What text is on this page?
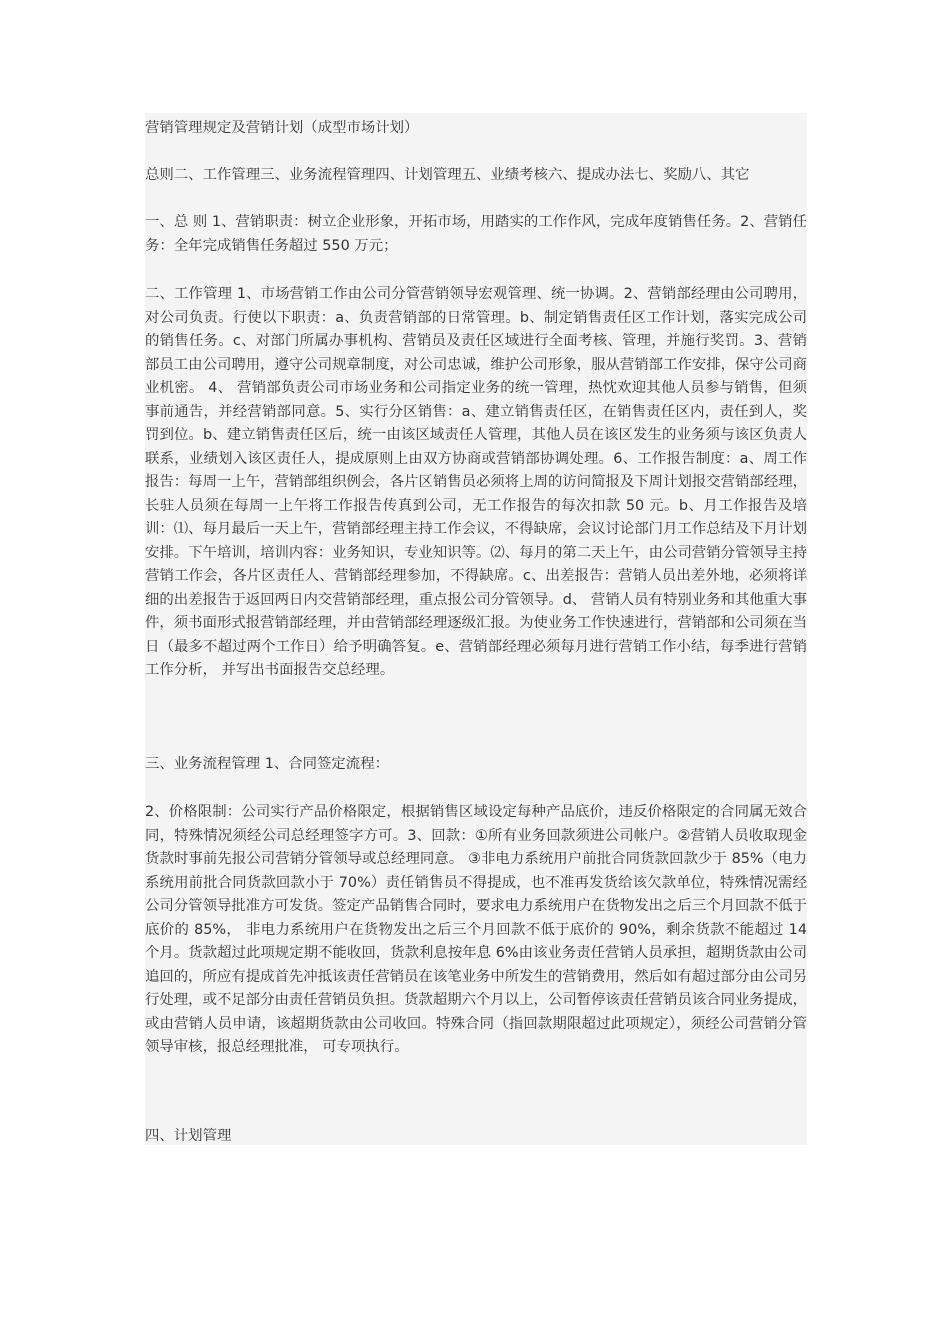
营销管理规定及营销计划（成型市场计划）

总则二、工作管理三、业务流程管理四、计划管理五、业绩考核六、提成办法七、奖励八、其它

一、总 则 1、营销职责：树立企业形象，开拓市场，用踏实的工作作风，完成年度销售任务。2、营销任务：全年完成销售任务超过 550 万元；

二、工作管理 1、市场营销工作由公司分管营销领导宏观管理、统一协调。2、营销部经理由公司聘用，对公司负责。行使以下职责：a、负责营销部的日常管理。b、制定销售责任区工作计划，落实完成公司的销售任务。c、对部门所属办事机构、营销员及责任区域进行全面考核、管理，并施行奖罚。3、营销部员工由公司聘用，遵守公司规章制度，对公司忠诚，维护公司形象，服从营销部工作安排，保守公司商业机密。 4、 营销部负责公司市场业务和公司指定业务的统一管理，热忱欢迎其他人员参与销售，但须事前通告，并经营销部同意。5、实行分区销售：a、建立销售责任区，在销售责任区内，责任到人，奖罚到位。b、建立销售责任区后，统一由该区域责任人管理，其他人员在该区发生的业务须与该区负责人联系，业绩划入该区责任人，提成原则上由双方协商或营销部协调处理。6、工作报告制度：a、周工作报告：每周一上午，营销部组织例会，各片区销售员必须将上周的访问简报及下周计划报交营销部经理， 长驻人员须在每周一上午将工作报告传真到公司，无工作报告的每次扣款 50 元。b、月工作报告及培训：⑴、每月最后一天上午，营销部经理主持工作会议，不得缺席，会议讨论部门月工作总结及下月计划安排。下午培训，培训内容：业务知识，专业知识等。⑵、每月的第二天上午，由公司营销分管领导主持营销工作会，各片区责任人、营销部经理参加，不得缺席。c、出差报告：营销人员出差外地，必须将详细的出差报告于返回两日内交营销部经理，重点报公司分管领导。d、 营销人员有特别业务和其他重大事件，须书面形式报营销部经理，并由营销部经理逐级汇报。为使业务工作快速进行，营销部和公司须在当日（最多不超过两个工作日）给予明确答复。e、营销部经理必须每月进行营销工作小结，每季进行营销工作分析， 并写出书面报告交总经理。

三、业务流程管理 1、合同签定流程：

2、价格限制：公司实行产品价格限定，根据销售区域设定每种产品底价，违反价格限定的合同属无效合同，特殊情况须经公司总经理签字方可。3、回款：①所有业务回款须进公司帐户。②营销人员收取现金货款时事前先报公司营销分管领导或总经理同意。 ③非电力系统用户前批合同货款回款少于 85%（电力系统用前批合同货款回款小于 70%）责任销售员不得提成，也不准再发货给该欠款单位，特殊情况需经公司分管领导批准方可发货。签定产品销售合同时，要求电力系统用户在货物发出之后三个月回款不低于底价的 85%， 非电力系统用户在货物发出之后三个月回款不低于底价的 90%，剩余货款不能超过 14 个月。货款超过此项规定期不能收回，货款利息按年息 6%由该业务责任营销人员承担，超期货款由公司追回的，所应有提成首先冲抵该责任营销员在该笔业务中所发生的营销费用，然后如有超过部分由公司另行处理，或不足部分由责任营销员负担。货款超期六个月以上，公司暂停该责任营销员该合同业务提成，或由营销人员申请，该超期货款由公司收回。特殊合同（指回款期限超过此项规定），须经公司营销分管领导审核，报总经理批准， 可专项执行。

四、计划管理
